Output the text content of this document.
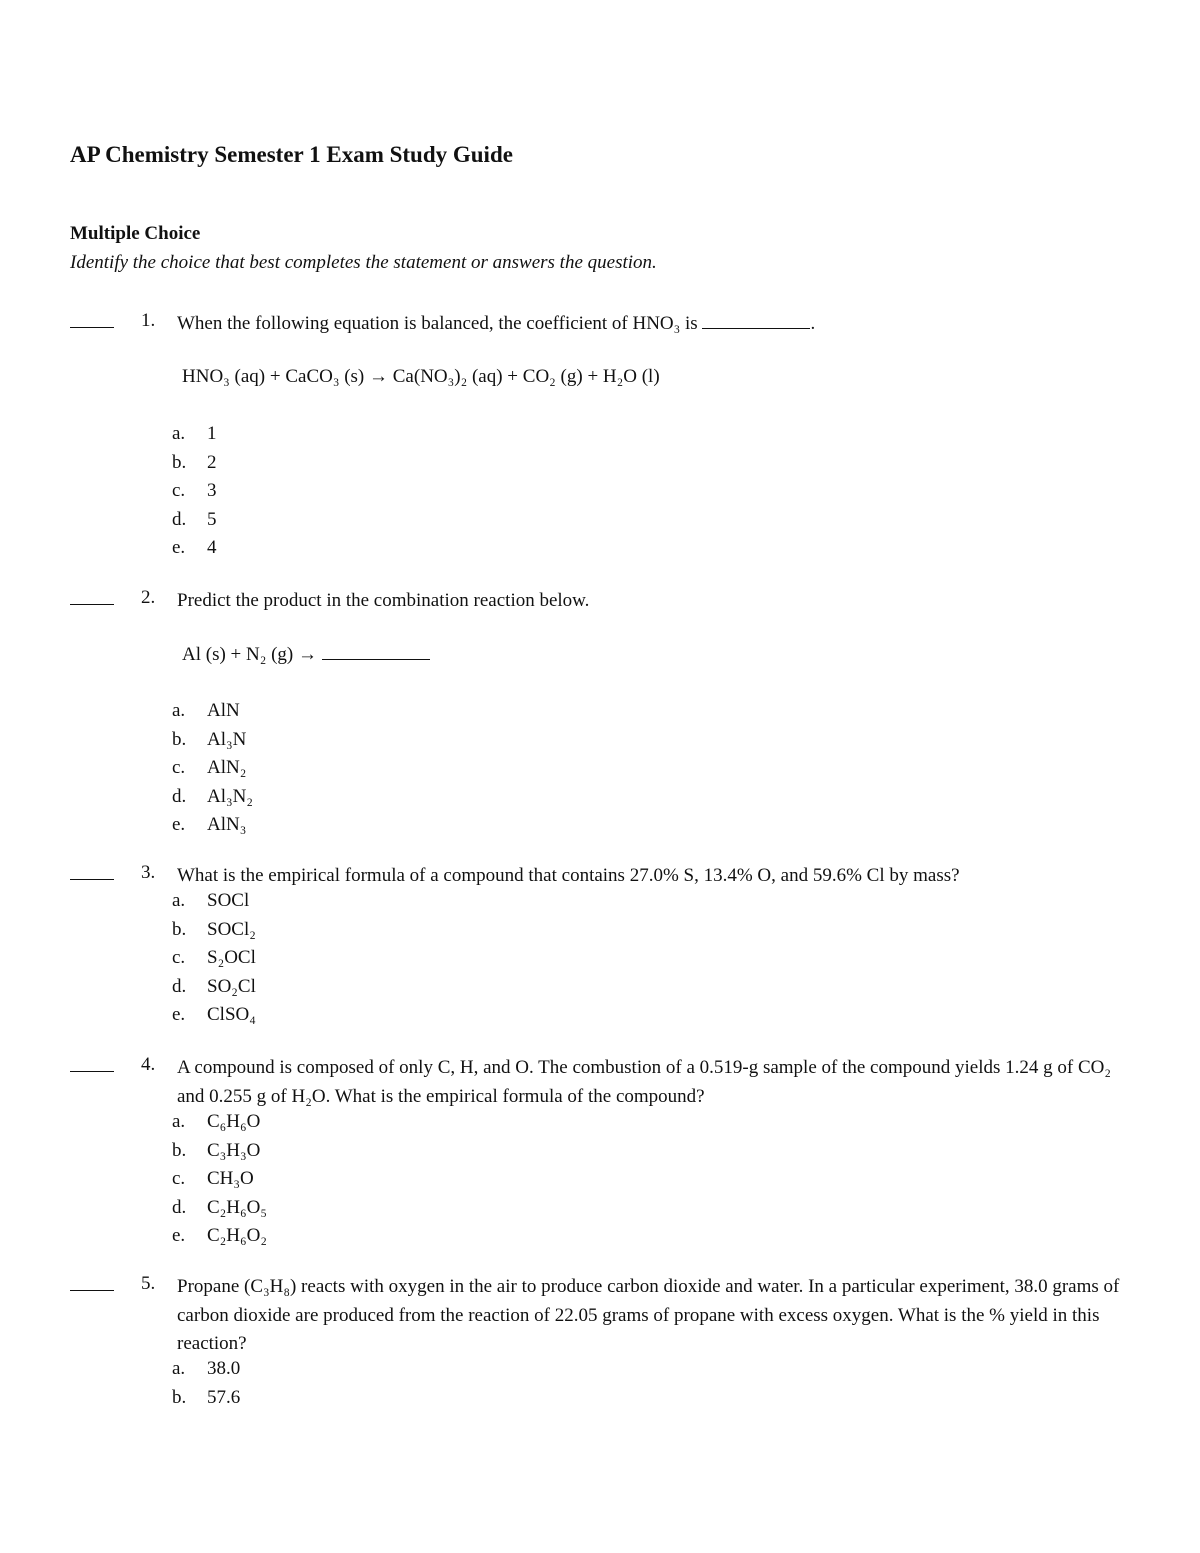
AP Chemistry Semester 1 Exam Study Guide
Multiple Choice
Identify the choice that best completes the statement or answers the question.
1. When the following equation is balanced, the coefficient of HNO₃ is	.
HNO₃ (aq) + CaCO₃ (s) → Ca(NO₃)₂ (aq) + CO₂ (g) + H₂O (l)
a. 1
b. 2
c. 3
d. 5
e. 4
2. Predict the product in the combination reaction below.
Al (s) + N₂ (g) →
a. AlN
b. Al₃N
c. AlN₂
d. Al₃N₂
e. AlN₃
3. What is the empirical formula of a compound that contains 27.0% S, 13.4% O, and 59.6% Cl by mass?
a. SOCl
b. SOCl₂
c. S₂OCl
d. SO₂Cl
e. ClSO₄
4. A compound is composed of only C, H, and O. The combustion of a 0.519-g sample of the compound yields 1.24 g of CO₂ and 0.255 g of H₂O. What is the empirical formula of the compound?
a. C₆H₆O
b. C₃H₃O
c. CH₃O
d. C₂H₆O₅
e. C₂H₆O₂
5. Propane (C₃H₈) reacts with oxygen in the air to produce carbon dioxide and water. In a particular experiment, 38.0 grams of carbon dioxide are produced from the reaction of 22.05 grams of propane with excess oxygen. What is the % yield in this reaction?
a. 38.0
b. 57.6
